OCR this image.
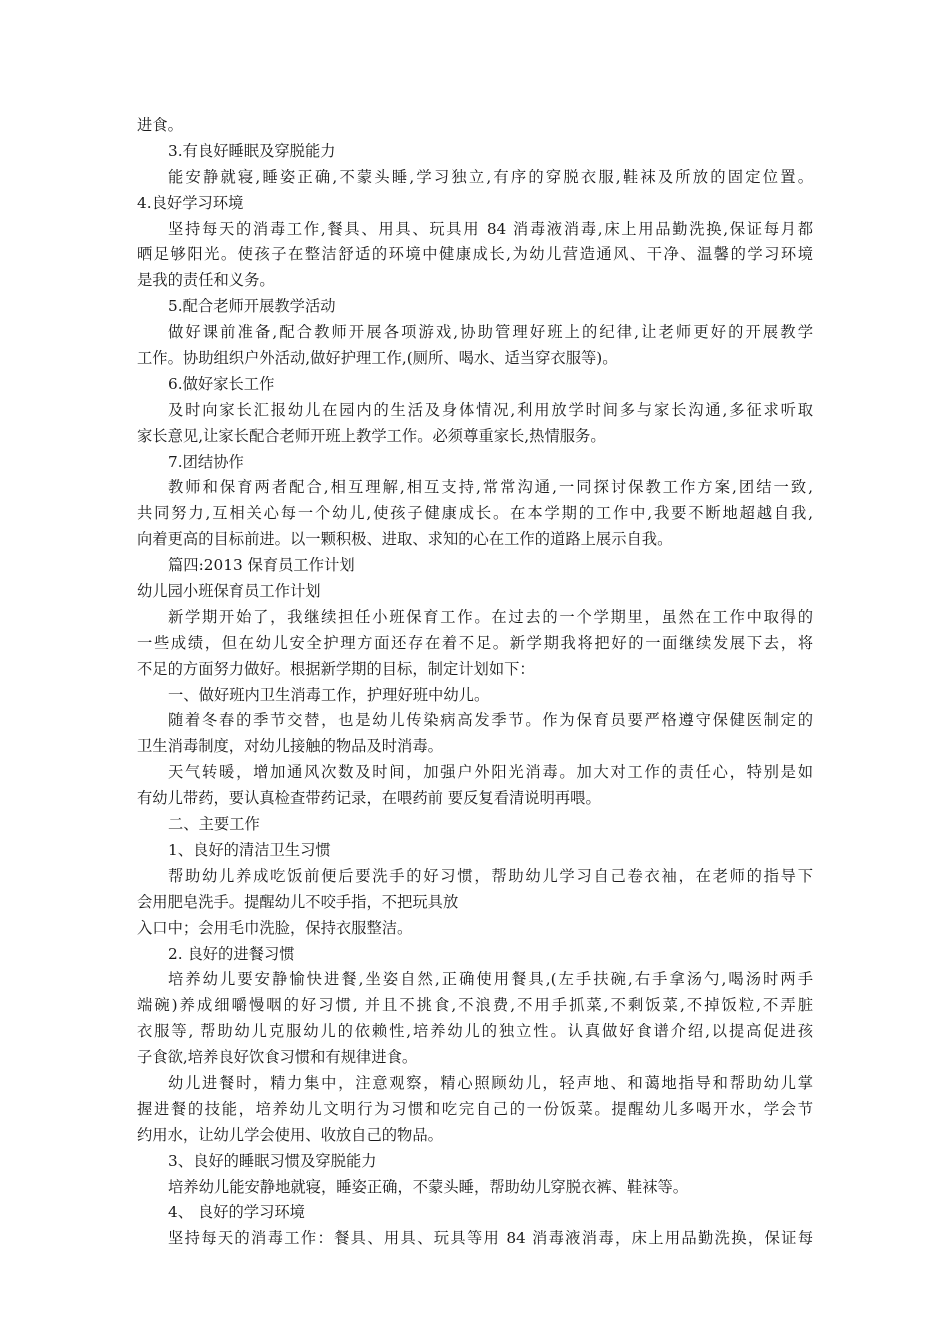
进食。
3.有良好睡眠及穿脱能力
能安静就寝,睡姿正确,不蒙头睡,学习独立,有序的穿脱衣服,鞋袜及所放的固定位置。
4.良好学习环境
坚持每天的消毒工作,餐具、用具、玩具用 84 消毒液消毒,床上用品勤洗换,保证每月都
晒足够阳光。使孩子在整洁舒适的环境中健康成长,为幼儿营造通风、干净、温馨的学习环境
是我的责任和义务。
5.配合老师开展教学活动
做好课前准备,配合教师开展各项游戏,协助管理好班上的纪律,让老师更好的开展教学
工作。协助组织户外活动,做好护理工作,(厕所、喝水、适当穿衣服等)。
6.做好家长工作
及时向家长汇报幼儿在园内的生活及身体情况,利用放学时间多与家长沟通,多征求听取
家长意见,让家长配合老师开班上教学工作。必须尊重家长,热情服务。
7.团结协作
教师和保育两者配合,相互理解,相互支持,常常沟通,一同探讨保教工作方案,团结一致,
共同努力,互相关心每一个幼儿,使孩子健康成长。在本学期的工作中,我要不断地超越自我,
向着更高的目标前进。以一颗积极、进取、求知的心在工作的道路上展示自我。
篇四:2013 保育员工作计划
幼儿园小班保育员工作计划
新学期开始了，我继续担任小班保育工作。在过去的一个学期里，虽然在工作中取得的
一些成绩，但在幼儿安全护理方面还存在着不足。新学期我将把好的一面继续发展下去，将
不足的方面努力做好。根据新学期的目标，制定计划如下：
一、做好班内卫生消毒工作，护理好班中幼儿。
随着冬春的季节交替，也是幼儿传染病高发季节。作为保育员要严格遵守保健医制定的
卫生消毒制度，对幼儿接触的物品及时消毒。
天气转暖，增加通风次数及时间，加强户外阳光消毒。加大对工作的责任心，特别是如
有幼儿带药，要认真检查带药记录，在喂药前 要反复看清说明再喂。
二、主要工作
1、良好的清洁卫生习惯
帮助幼儿养成吃饭前便后要洗手的好习惯，帮助幼儿学习自己卷衣袖，在老师的指导下
会用肥皂洗手。提醒幼儿不咬手指，不把玩具放
入口中；会用毛巾洗脸，保持衣服整洁。
2. 良好的进餐习惯
培养幼儿要安静愉快进餐,坐姿自然,正确使用餐具,(左手扶碗,右手拿汤勺,喝汤时两手
端碗)养成细嚼慢咽的好习惯, 并且不挑食,不浪费,不用手抓菜,不剩饭菜,不掉饭粒,不弄脏
衣服等, 帮助幼儿克服幼儿的依赖性,培养幼儿的独立性。认真做好食谱介绍,以提高促进孩
子食欲,培养良好饮食习惯和有规律进食。
幼儿进餐时，精力集中，注意观察，精心照顾幼儿，轻声地、和蔼地指导和帮助幼儿掌
握进餐的技能，培养幼儿文明行为习惯和吃完自己的一份饭菜。提醒幼儿多喝开水，学会节
约用水，让幼儿学会使用、收放自己的物品。
3、良好的睡眠习惯及穿脱能力
培养幼儿能安静地就寝，睡姿正确，不蒙头睡，帮助幼儿穿脱衣裤、鞋袜等。
4、 良好的学习环境
坚持每天的消毒工作：餐具、用具、玩具等用 84 消毒液消毒，床上用品勤洗换，保证每
